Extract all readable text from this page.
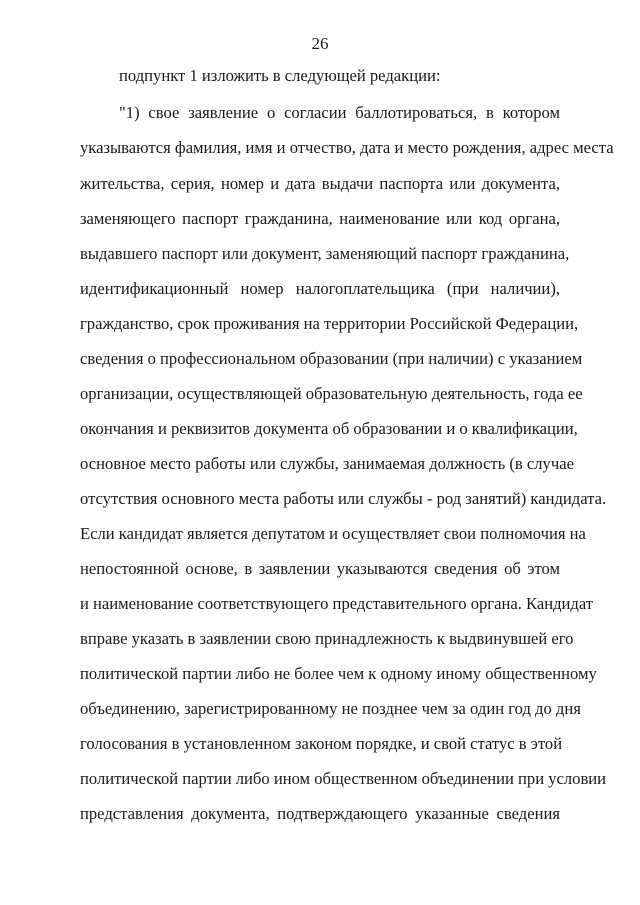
26
подпункт 1 изложить в следующей редакции:
"1) свое заявление о согласии баллотироваться, в котором
указываются фамилия, имя и отчество, дата и место рождения, адрес места
жительства, серия, номер и дата выдачи паспорта или документа,
заменяющего паспорт гражданина, наименование или код органа,
выдавшего паспорт или документ, заменяющий паспорт гражданина,
идентификационный номер налогоплательщика (при наличии),
гражданство, срок проживания на территории Российской Федерации,
сведения о профессиональном образовании (при наличии) с указанием
организации, осуществляющей образовательную деятельность, года ее
окончания и реквизитов документа об образовании и о квалификации,
основное место работы или службы, занимаемая должность (в случае
отсутствия основного места работы или службы - род занятий) кандидата.
Если кандидат является депутатом и осуществляет свои полномочия на
непостоянной основе, в заявлении указываются сведения об этом
и наименование соответствующего представительного органа. Кандидат
вправе указать в заявлении свою принадлежность к выдвинувшей его
политической партии либо не более чем к одному иному общественному
объединению, зарегистрированному не позднее чем за один год до дня
голосования в установленном законом порядке, и свой статус в этой
политической партии либо ином общественном объединении при условии
представления документа, подтверждающего указанные сведения
